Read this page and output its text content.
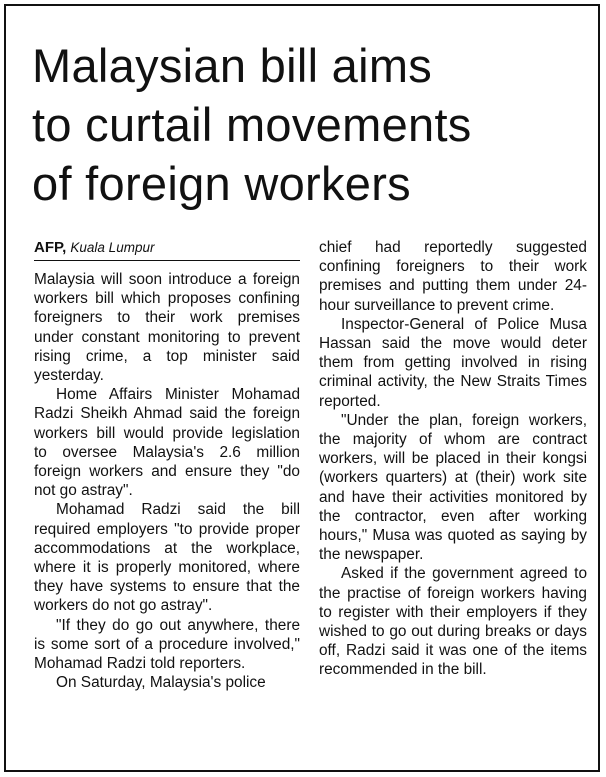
Malaysian bill aims
to curtail movements
of foreign workers
AFP, Kuala Lumpur

Malaysia will soon introduce a foreign workers bill which proposes confining foreigners to their work premises under constant monitoring to prevent rising crime, a top minister said yesterday.

Home Affairs Minister Mohamad Radzi Sheikh Ahmad said the foreign workers bill would provide legislation to oversee Malaysia's 2.6 million foreign workers and ensure they "do not go astray".

Mohamad Radzi said the bill required employers "to provide proper accommodations at the workplace, where it is properly monitored, where they have systems to ensure that the workers do not go astray".

"If they do go out anywhere, there is some sort of a procedure involved," Mohamad Radzi told reporters.

On Saturday, Malaysia's police

chief had reportedly suggested confining foreigners to their work premises and putting them under 24-hour surveillance to prevent crime.

Inspector-General of Police Musa Hassan said the move would deter them from getting involved in rising criminal activity, the New Straits Times reported.

"Under the plan, foreign workers, the majority of whom are contract workers, will be placed in their kongsi (workers quarters) at (their) work site and have their activities monitored by the contractor, even after working hours," Musa was quoted as saying by the newspaper.

Asked if the government agreed to the practise of foreign workers having to register with their employers if they wished to go out during breaks or days off, Radzi said it was one of the items recommended in the bill.
